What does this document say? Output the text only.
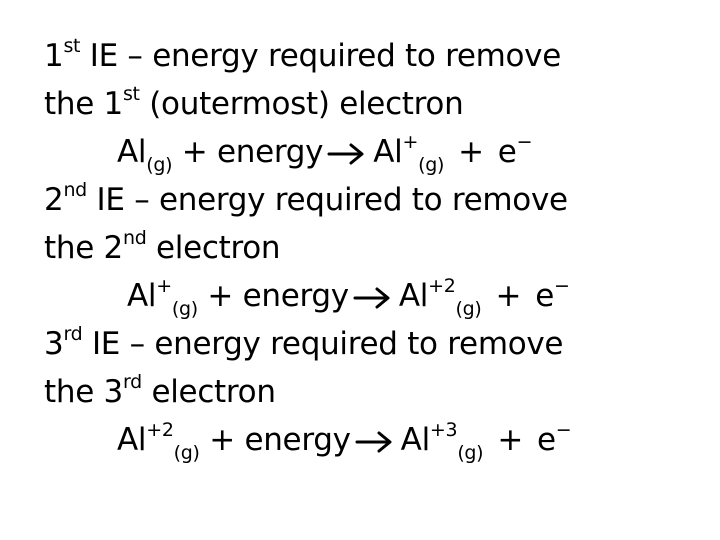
1st IE – energy required to remove
the 1st (outermost) electron
$Al_{(g)}$ + energy $Al^+_{(g)} + e^-$
2nd IE – energy required to remove
the 2nd electron
$Al^+_{(g)}$ + energy $Al^{+2}_{(g)} + e^-$
3rd IE – energy required to remove
the 3rd electron
$Al^{+2}_{(g)}$ + energy $Al^{+3}_{(g)} + e^-$
